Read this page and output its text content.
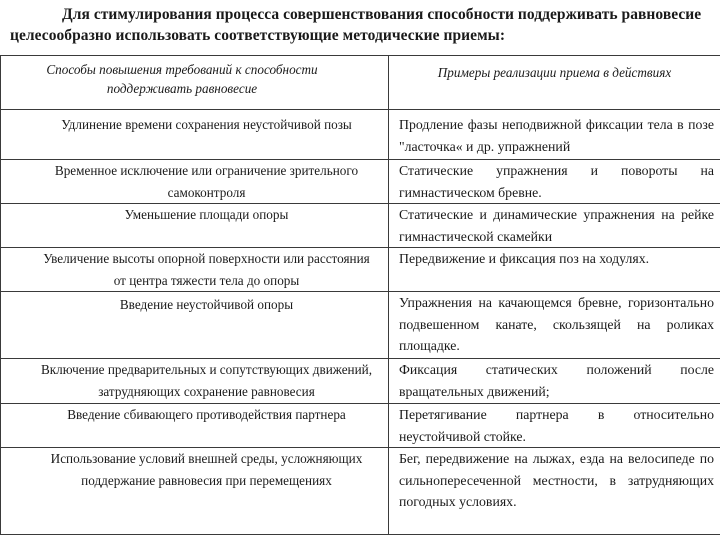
Для стимулирования процесса совершенствования способности поддерживать равновесие целесообразно использовать соответствующие методические приемы:

Способы повышения требований к способности поддерживать равновесие	Примеры реализации приема в действиях
Удлинение времени сохранения неустойчивой позы	Продление фазы неподвижной фиксации тела в позе "ласточка« и др. упражнений
Временное исключение или ограничение зрительного самоконтроля	Статические упражнения и повороты на гимнастическом бревне.
Уменьшение площади опоры	Статические и динамические упражнения на рейке гимнастической скамейки
Увеличение высоты опорной поверхности или расстояния от центра тяжести тела до опоры	Передвижение и фиксация поз на ходулях.
Введение неустойчивой опоры	Упражнения на качающемся бревне, горизонтально подвешенном канате, скользящей на роликах площадке.
Включение предварительных и сопутствующих движений, затрудняющих сохранение равновесия	Фиксация статических положений после вращательных движений;
Введение сбивающего противодействия партнера	Перетягивание партнера в относительно неустойчивой стойке.
Использование условий внешней среды, усложняющих поддержание равновесия при перемещениях	Бег, передвижение на лыжах, езда на велосипеде по сильнопересеченной местности, в затрудняющих погодных условиях.
